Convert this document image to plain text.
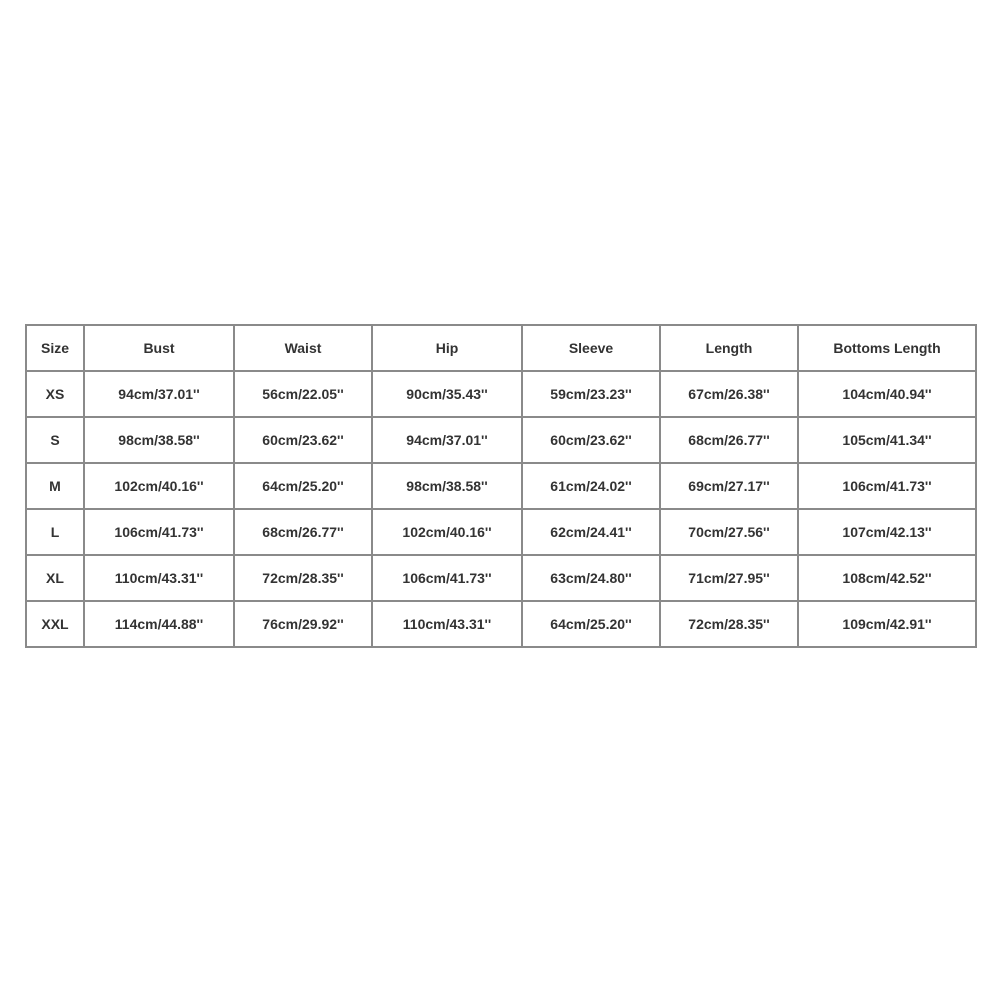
Size	Bust	Waist	Hip	Sleeve	Length	Bottoms Length
XS	94cm/37.01''	56cm/22.05''	90cm/35.43''	59cm/23.23''	67cm/26.38''	104cm/40.94''
S	98cm/38.58''	60cm/23.62''	94cm/37.01''	60cm/23.62''	68cm/26.77''	105cm/41.34''
M	102cm/40.16''	64cm/25.20''	98cm/38.58''	61cm/24.02''	69cm/27.17''	106cm/41.73''
L	106cm/41.73''	68cm/26.77''	102cm/40.16''	62cm/24.41''	70cm/27.56''	107cm/42.13''
XL	110cm/43.31''	72cm/28.35''	106cm/41.73''	63cm/24.80''	71cm/27.95''	108cm/42.52''
XXL	114cm/44.88''	76cm/29.92''	110cm/43.31''	64cm/25.20''	72cm/28.35''	109cm/42.91''
